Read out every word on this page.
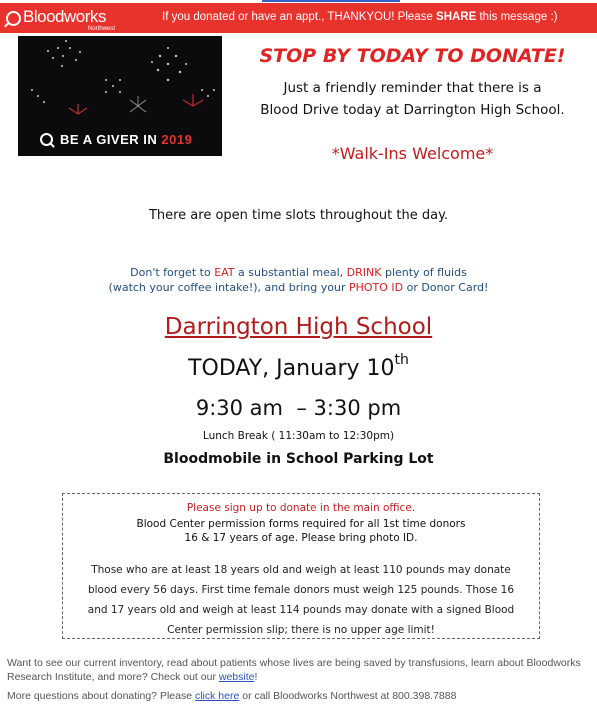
Bloodworks
Northwest
If you donated or have an appt., THANKYOU! Please SHARE this message :)
BE A GIVER IN 2019
STOP BY TODAY TO DONATE!
Just a friendly reminder that there is a
Blood Drive today at Darrington High School.
*Walk-Ins Welcome*
There are open time slots throughout the day.
Don't forget to EAT a substantial meal, DRINK plenty of fluids
(watch your coffee intake!), and bring your PHOTO ID or Donor Card!
Darrington High School
TODAY, January 10th
9:30 am  – 3:30 pm
Lunch Break ( 11:30am to 12:30pm)
Bloodmobile in School Parking Lot
Please sign up to donate in the main office.
Blood Center permission forms required for all 1st time donors
16 & 17 years of age. Please bring photo ID.
Those who are at least 18 years old and weigh at least 110 pounds may donate blood every 56 days. First time female donors must weigh 125 pounds. Those 16 and 17 years old and weigh at least 114 pounds may donate with a signed Blood Center permission slip; there is no upper age limit!
Want to see our current inventory, read about patients whose lives are being saved by transfusions, learn about Bloodworks Research Institute, and more? Check out our website!
More questions about donating? Please click here or call Bloodworks Northwest at 800.398.7888
